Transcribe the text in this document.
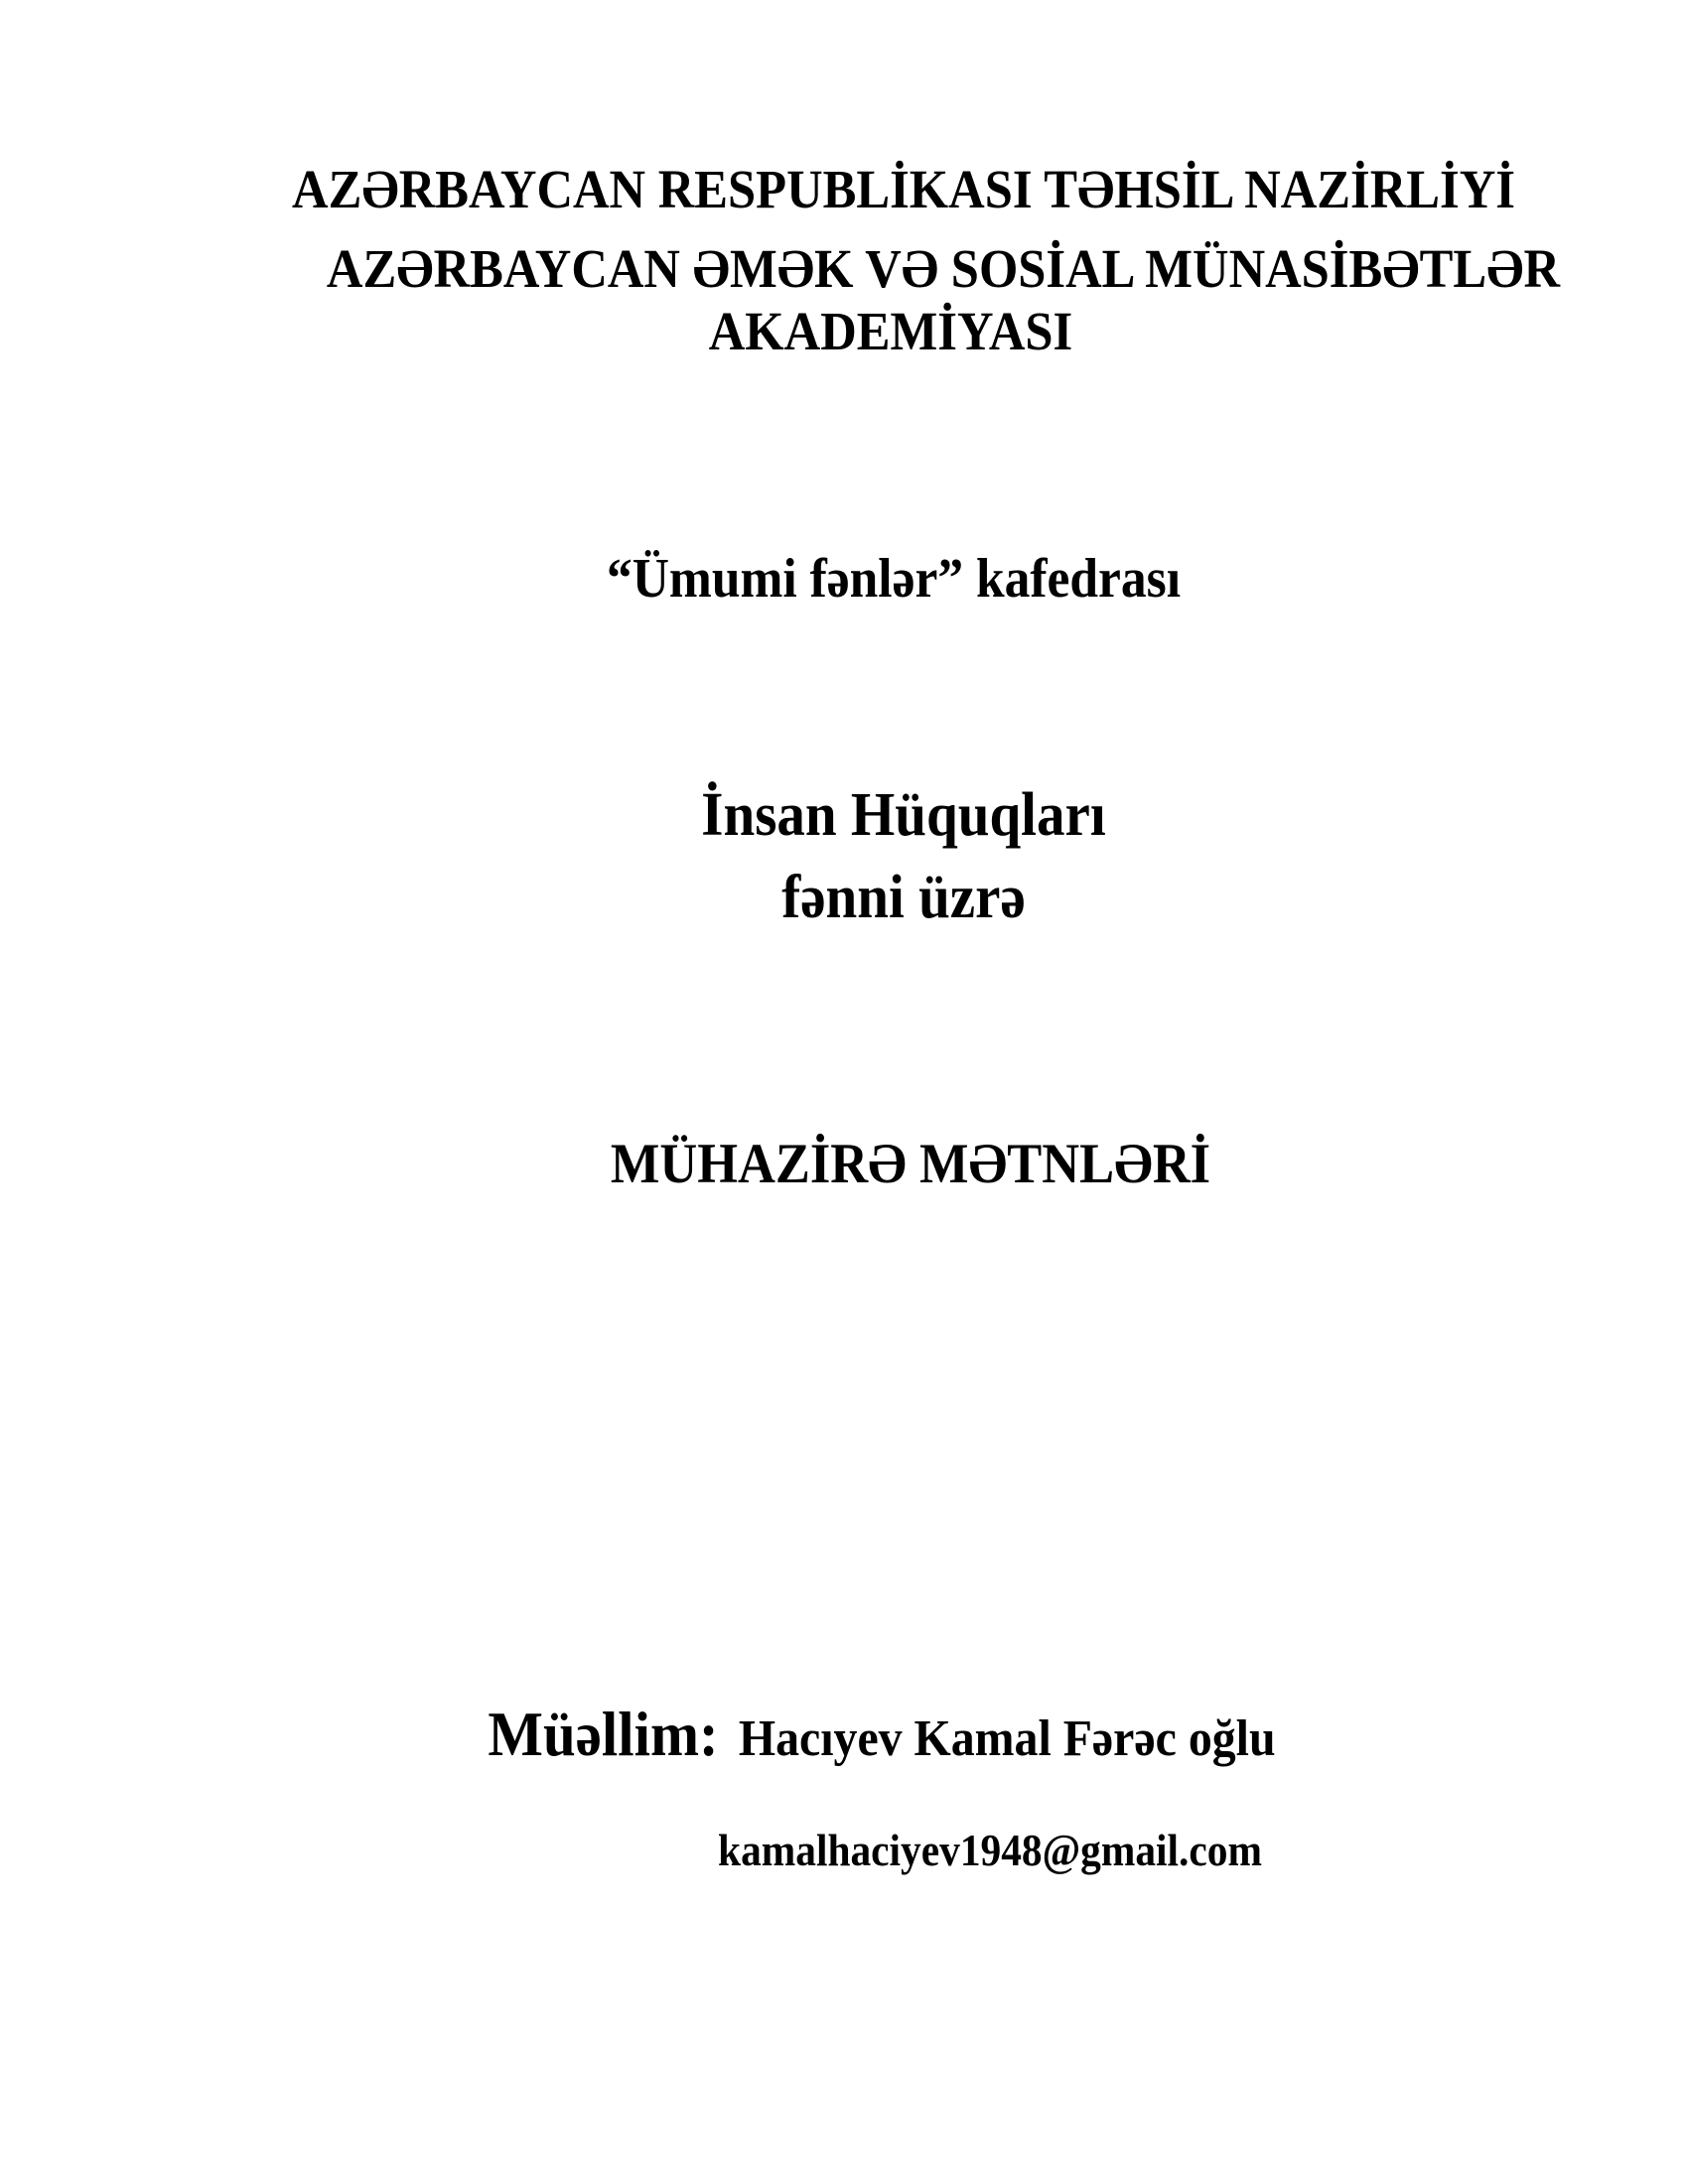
AZƏRBAYCAN RESPUBLİKASI TƏHSİL NAZİRLİYİ
AZƏRBAYCAN ƏMƏK VƏ SOSİAL MÜNASİBƏTLƏR
AKADEMİYASI
“Ümumi fənlər” kafedrası
İnsan Hüquqları
fənni üzrə
MÜHAZİRƏ MƏTNLƏRİ
Müəllim: Hacıyev Kamal Fərəc oğlu
kamalhaciyev1948@gmail.com
